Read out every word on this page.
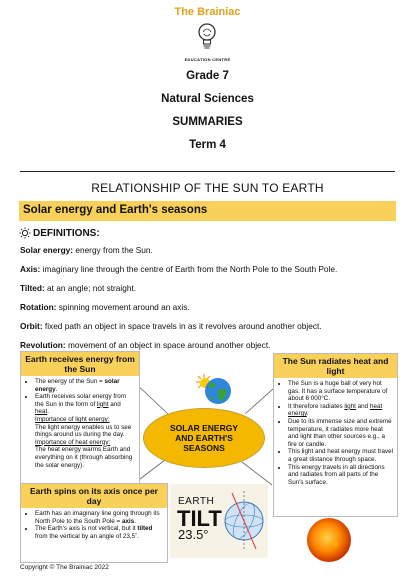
The Brainiac
EDUCATION CENTRE
Grade 7
Natural Sciences
SUMMARIES
Term 4
RELATIONSHIP OF THE SUN TO EARTH
Solar energy and Earth's seasons
DEFINITIONS:
Solar energy: energy from the Sun.
Axis: imaginary line through the centre of Earth from the North Pole to the South Pole.
Tilted: at an angle; not straight.
Rotation: spinning movement around an axis.
Orbit: fixed path an object in space travels in as it revolves around another object.
Revolution: movement of an object in space around another object.
Earth receives energy from the Sun
• The energy of the Sun = solar energy.
• Earth receives solar energy from the Sun in the form of light and heat.
Importance of light energy:
The light energy enables us to see things around us during the day.
Importance of heat energy:
The heat energy warms Earth and everything on it (through absorbing the solar energy).
SOLAR ENERGY AND EARTH'S SEASONS
The Sun radiates heat and light
• The Sun is a huge ball of very hot gas. It has a surface temperature of about 6 000°C.
• It therefore radiates light and heat energy.
• Due to its immense size and extreme temperature, it radiates more heat and light than other sources e.g., a fire or candle.
• This light and heat energy must travel a great distance through space.
• This energy travels in all directions and radiates from all parts of the Sun's surface.
Earth spins on its axis once per day
• Earth has an imaginary line going through its North Pole to the South Pole = axis.
• The Earth's axis is not vertical, but it tilted from the vertical by an angle of 23,5˚.
EARTH
TILT
23.5°
Copyright © The Brainiac 2022
